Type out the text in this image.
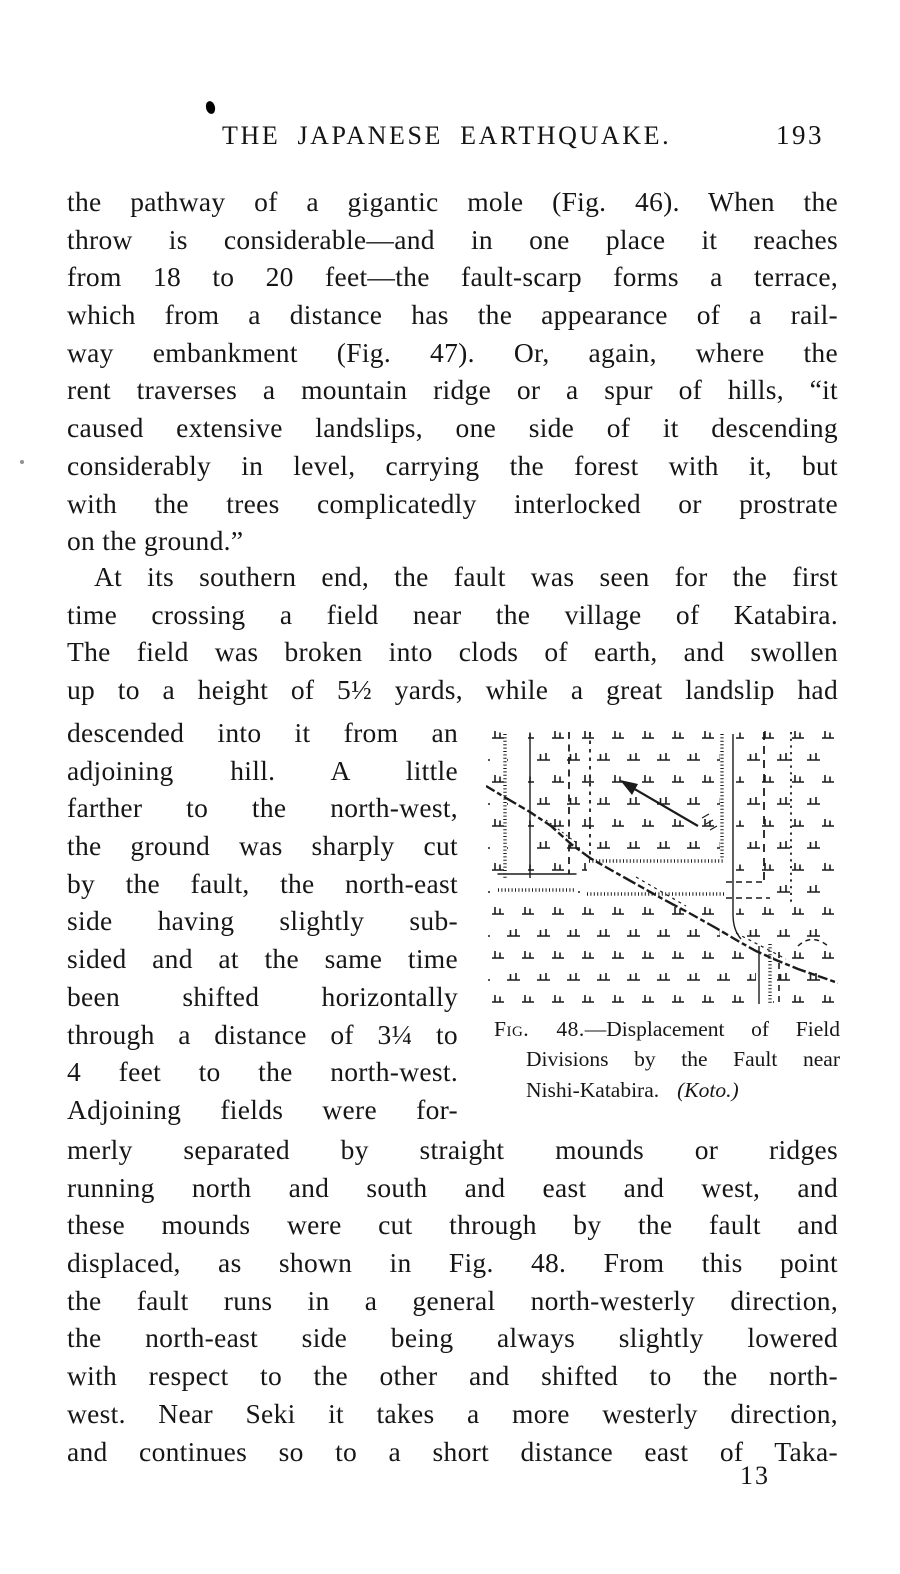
THE JAPANESE EARTHQUAKE.	193
the pathway of a gigantic mole (Fig. 46). When the
throw is considerable—and in one place it reaches
from 18 to 20 feet—the fault-scarp forms a terrace,
which from a distance has the appearance of a rail-
way embankment (Fig. 47). Or, again, where the
rent traverses a mountain ridge or a spur of hills, “it
caused extensive landslips, one side of it descending
considerably in level, carrying the forest with it, but
with the trees complicatedly interlocked or prostrate
on the ground.”
At its southern end, the fault was seen for the first
time crossing a field near the village of Katabira.
The field was broken into clods of earth, and swollen
up to a height of 5½ yards, while a great landslip had
descended into it from an
adjoining hill. A little
farther to the north-west,
the ground was sharply cut
by the fault, the north-east
side having slightly sub-
sided and at the same time
been shifted horizontally
through a distance of 3¼ to
4 feet to the north-west.
Adjoining fields were for-
Fig. 48.—Displacement of Field
Divisions by the Fault near
Nishi-Katabira. (Koto.)
merly separated by straight mounds or ridges
running north and south and east and west, and
these mounds were cut through by the fault and
displaced, as shown in Fig. 48. From this point
the fault runs in a general north-westerly direction,
the north-east side being always slightly lowered
with respect to the other and shifted to the north-
west. Near Seki it takes a more westerly direction,
and continues so to a short distance east of Taka-
13
